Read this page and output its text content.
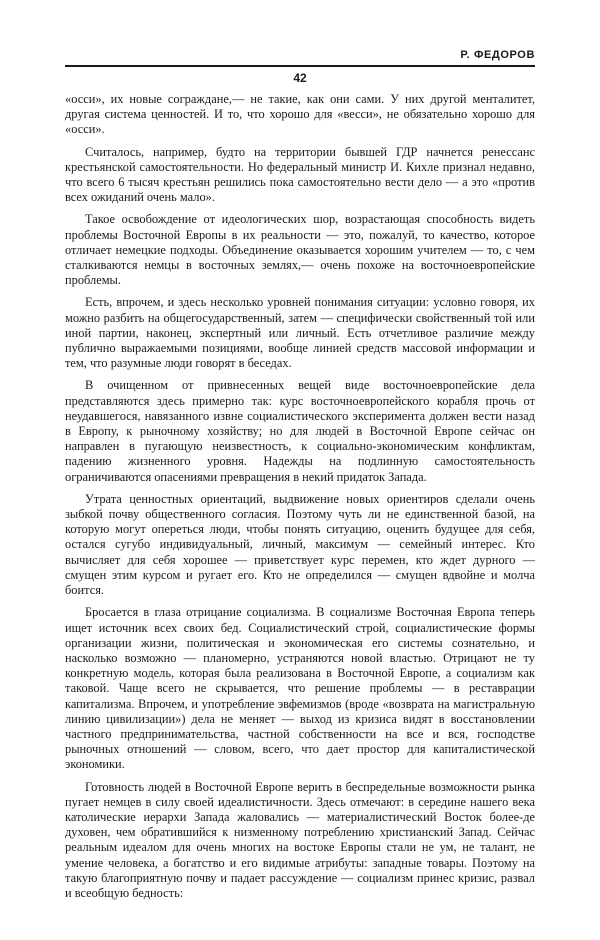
Р. ФЕДОРОВ
42

«осси», их новые сограждане,— не такие, как они сами. У них другой менталитет, другая система ценностей. И то, что хорошо для «весси», не обязательно хорошо для «осси».

Считалось, например, будто на территории бывшей ГДР начнется ренессанс крестьянской самостоятельности. Но федеральный министр И. Кихле признал недавно, что всего 6 тысяч крестьян решились пока самостоятельно вести дело — а это «против всех ожиданий очень мало».

Такое освобождение от идеологических шор, возрастающая способность видеть проблемы Восточной Европы в их реальности — это, пожалуй, то качество, которое отличает немецкие подходы. Объединение оказывается хорошим учителем — то, с чем сталкиваются немцы в восточных землях,— очень похоже на восточноевропейские проблемы.

Есть, впрочем, и здесь несколько уровней понимания ситуации: условно говоря, их можно разбить на общегосударственный, затем — специфически свойственный той или иной партии, наконец, экспертный или личный. Есть отчетливое различие между публично выражаемыми позициями, вообще линией средств массовой информации и тем, что разумные люди говорят в беседах.

В очищенном от привнесенных вещей виде восточноевропейские дела представляются здесь примерно так: курс восточноевропейского корабля прочь от неудавшегося, навязанного извне социалистического эксперимента должен вести назад в Европу, к рыночному хозяйству; но для людей в Восточной Европе сейчас он направлен в пугающую неизвестность, к социально-экономическим конфликтам, падению жизненного уровня. Надежды на подлинную самостоятельность ограничиваются опасениями превращения в некий придаток Запада.

Утрата ценностных ориентаций, выдвижение новых ориентиров сделали очень зыбкой почву общественного согласия. Поэтому чуть ли не единственной базой, на которую могут опереться люди, чтобы понять ситуацию, оценить будущее для себя, остался сугубо индивидуальный, личный, максимум — семейный интерес. Кто вычисляет для себя хорошее — приветствует курс перемен, кто ждет дурного — смущен этим курсом и ругает его. Кто не определился — смущен вдвойне и молча боится.

Бросается в глаза отрицание социализма. В социализме Восточная Европа теперь ищет источник всех своих бед. Социалистический строй, социалистические формы организации жизни, политическая и экономическая его системы сознательно, и насколько возможно — планомерно, устраняются новой властью. Отрицают не ту конкретную модель, которая была реализована в Восточной Европе, а социализм как таковой. Чаще всего не скрывается, что решение проблемы — в реставрации капитализма. Впрочем, и употребление эвфемизмов (вроде «возврата на магистральную линию цивилизации») дела не меняет — выход из кризиса видят в восстановлении частного предпринимательства, частной собственности на все и вся, господстве рыночных отношений — словом, всего, что дает простор для капиталистической экономики.

Готовность людей в Восточной Европе верить в беспредельные возможности рынка пугает немцев в силу своей идеалистичности. Здесь отмечают: в середине нашего века католические иерархи Запада жаловались — материалистический Восток более-де духовен, чем обратившийся к низменному потреблению христианский Запад. Сейчас реальным идеалом для очень многих на востоке Европы стали не ум, не талант, не умение человека, а богатство и его видимые атрибуты: западные товары. Поэтому на такую благоприятную почву и падает рассуждение — социализм принес кризис, развал и всеобщую бедность:
